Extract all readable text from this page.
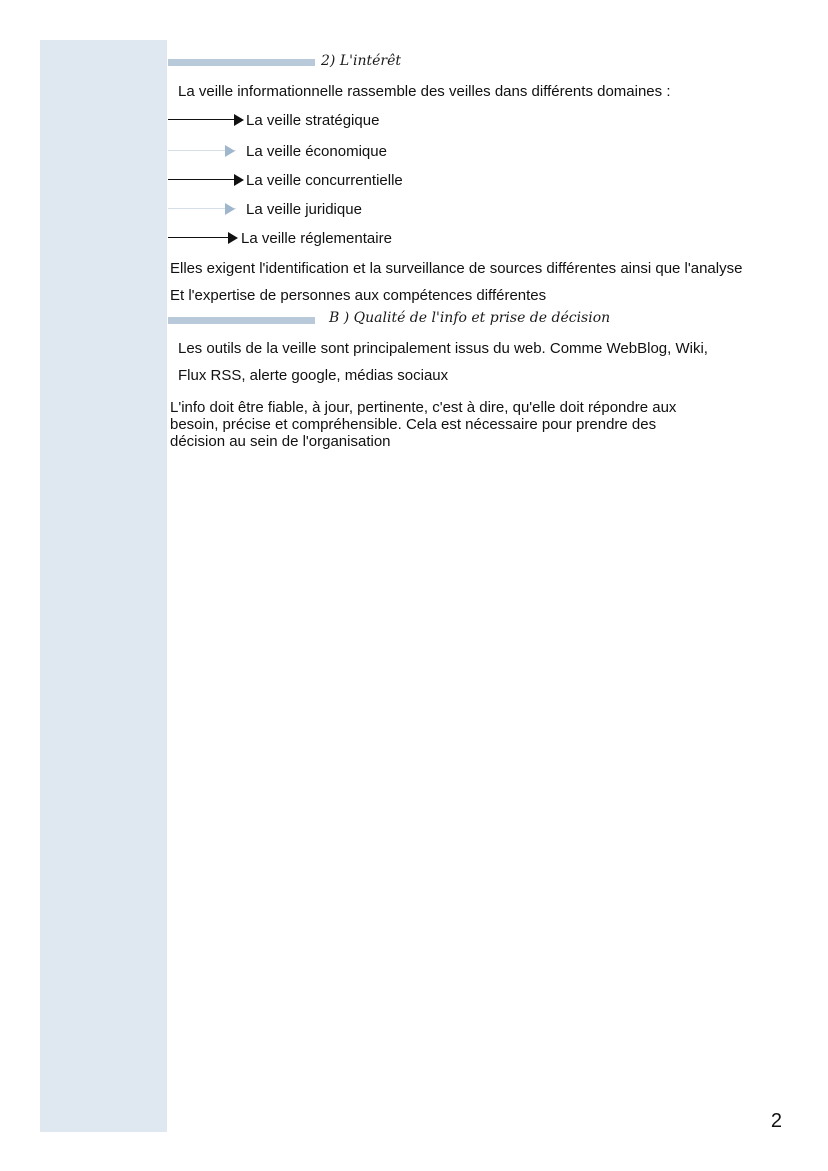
2) L'intérêt
La veille informationnelle rassemble des veilles dans différents domaines :
La veille stratégique
La veille économique
La veille concurrentielle
La veille juridique
La veille réglementaire
Elles exigent l'identification et la surveillance de sources différentes ainsi que l'analyse
Et l'expertise de personnes aux compétences différentes
B ) Qualité de l'info et prise de décision
Les outils de la veille sont principalement issus du web. Comme WebBlog, Wiki,
Flux RSS, alerte google, médias sociaux
L'info doit être fiable, à jour, pertinente, c'est à dire, qu'elle doit répondre aux
besoin, précise et compréhensible. Cela est nécessaire pour prendre des
décision au sein de l'organisation
2
